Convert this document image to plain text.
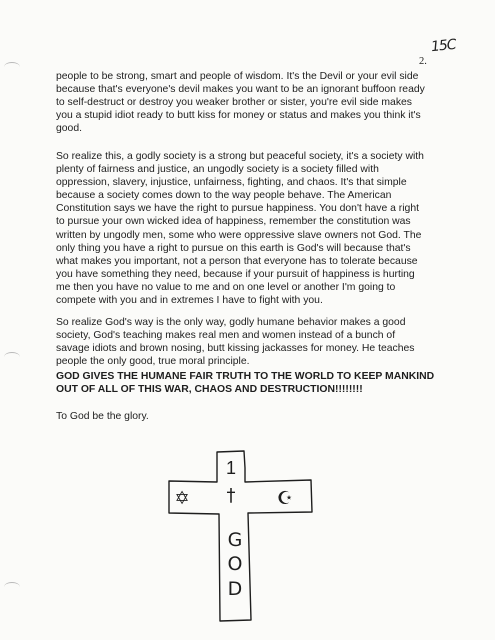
15C
2.
people to be strong, smart and people of wisdom. It's the Devil or your evil side
because that's everyone's devil makes you want to be an ignorant buffoon ready
to self-destruct or destroy you weaker brother or sister, you're evil side makes
you a stupid idiot ready to butt kiss for money or status and makes you think it's
good.
So realize this, a godly society is a strong but peaceful society, it's a society with
plenty of fairness and justice, an ungodly society is a society filled with
oppression, slavery, injustice, unfairness, fighting, and chaos. It's that simple
because a society comes down to the way people behave. The American
Constitution says we have the right to pursue happiness. You don't have a right
to pursue your own wicked idea of happiness, remember the constitution was
written by ungodly men, some who were oppressive slave owners not God. The
only thing you have a right to pursue on this earth is God's will because that's
what makes you important, not a person that everyone has to tolerate because
you have something they need, because if your pursuit of happiness is hurting
me then you have no value to me and on one level or another I'm going to
compete with you and in extremes I have to fight with you.
So realize God's way is the only way, godly humane behavior makes a good
society, God's teaching makes real men and women instead of a bunch of
savage idiots and brown nosing, butt kissing jackasses for money. He teaches
people the only good, true moral principle.
GOD GIVES THE HUMANE FAIR TRUTH TO THE WORLD TO KEEP MANKIND
OUT OF ALL OF THIS WAR, CHAOS AND DESTRUCTION!!!!!!!!
To God be the glory.
1
†
✡	☪
G
O
D
